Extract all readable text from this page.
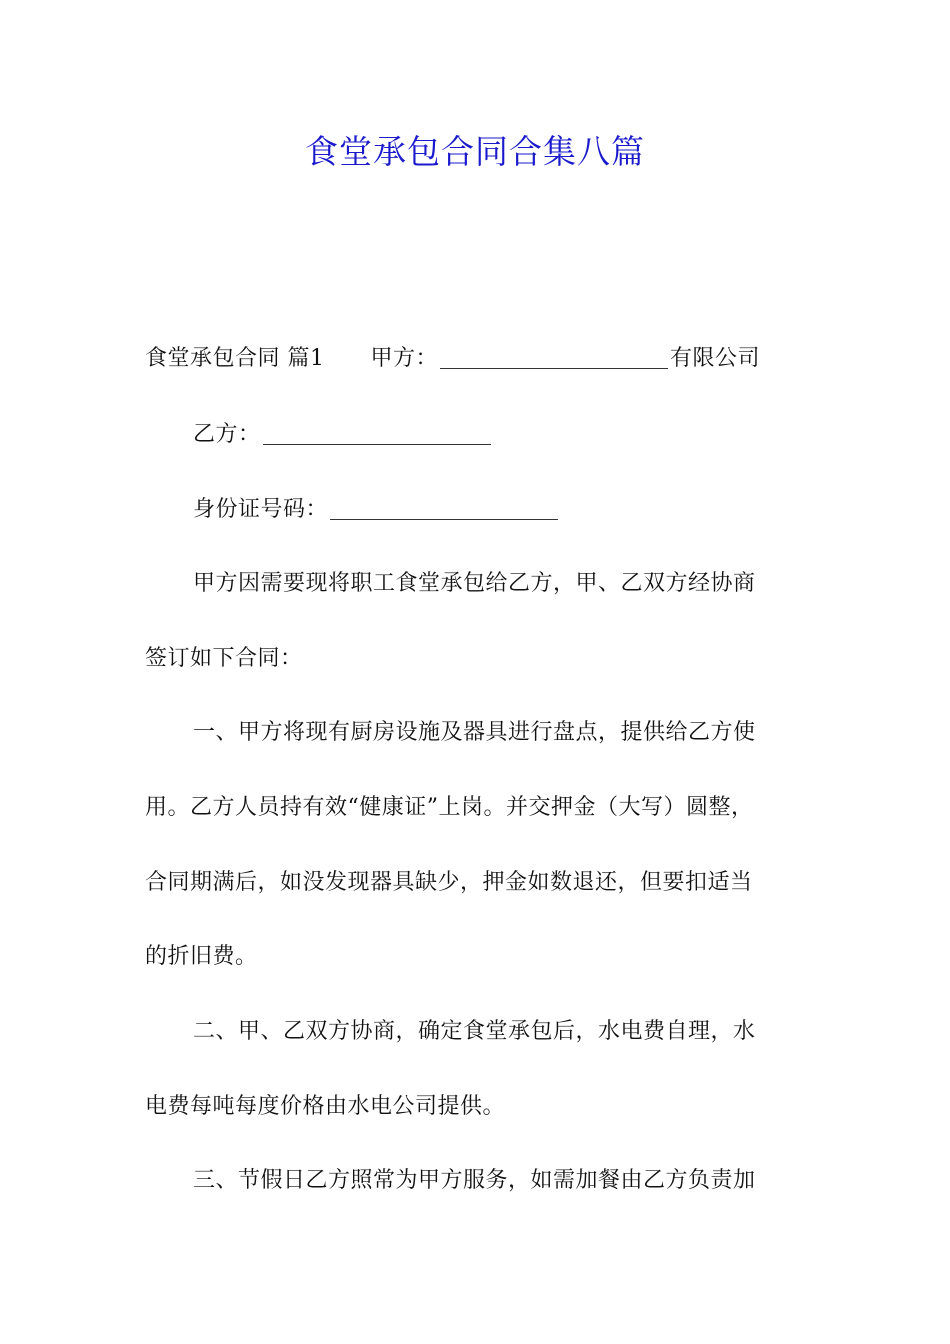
食堂承包合同合集八篇
食堂承包合同 篇1 甲方：	有限公司
乙方：
身份证号码：
甲方因需要现将职工食堂承包给乙方，甲、乙双方经协商
签订如下合同：
一、甲方将现有厨房设施及器具进行盘点，提供给乙方使
用。乙方人员持有效“健康证”上岗。并交押金（大写）圆整，
合同期满后，如没发现器具缺少，押金如数退还，但要扣适当
的折旧费。
二、甲、乙双方协商，确定食堂承包后，水电费自理，水
电费每吨每度价格由水电公司提供。
三、节假日乙方照常为甲方服务，如需加餐由乙方负责加
